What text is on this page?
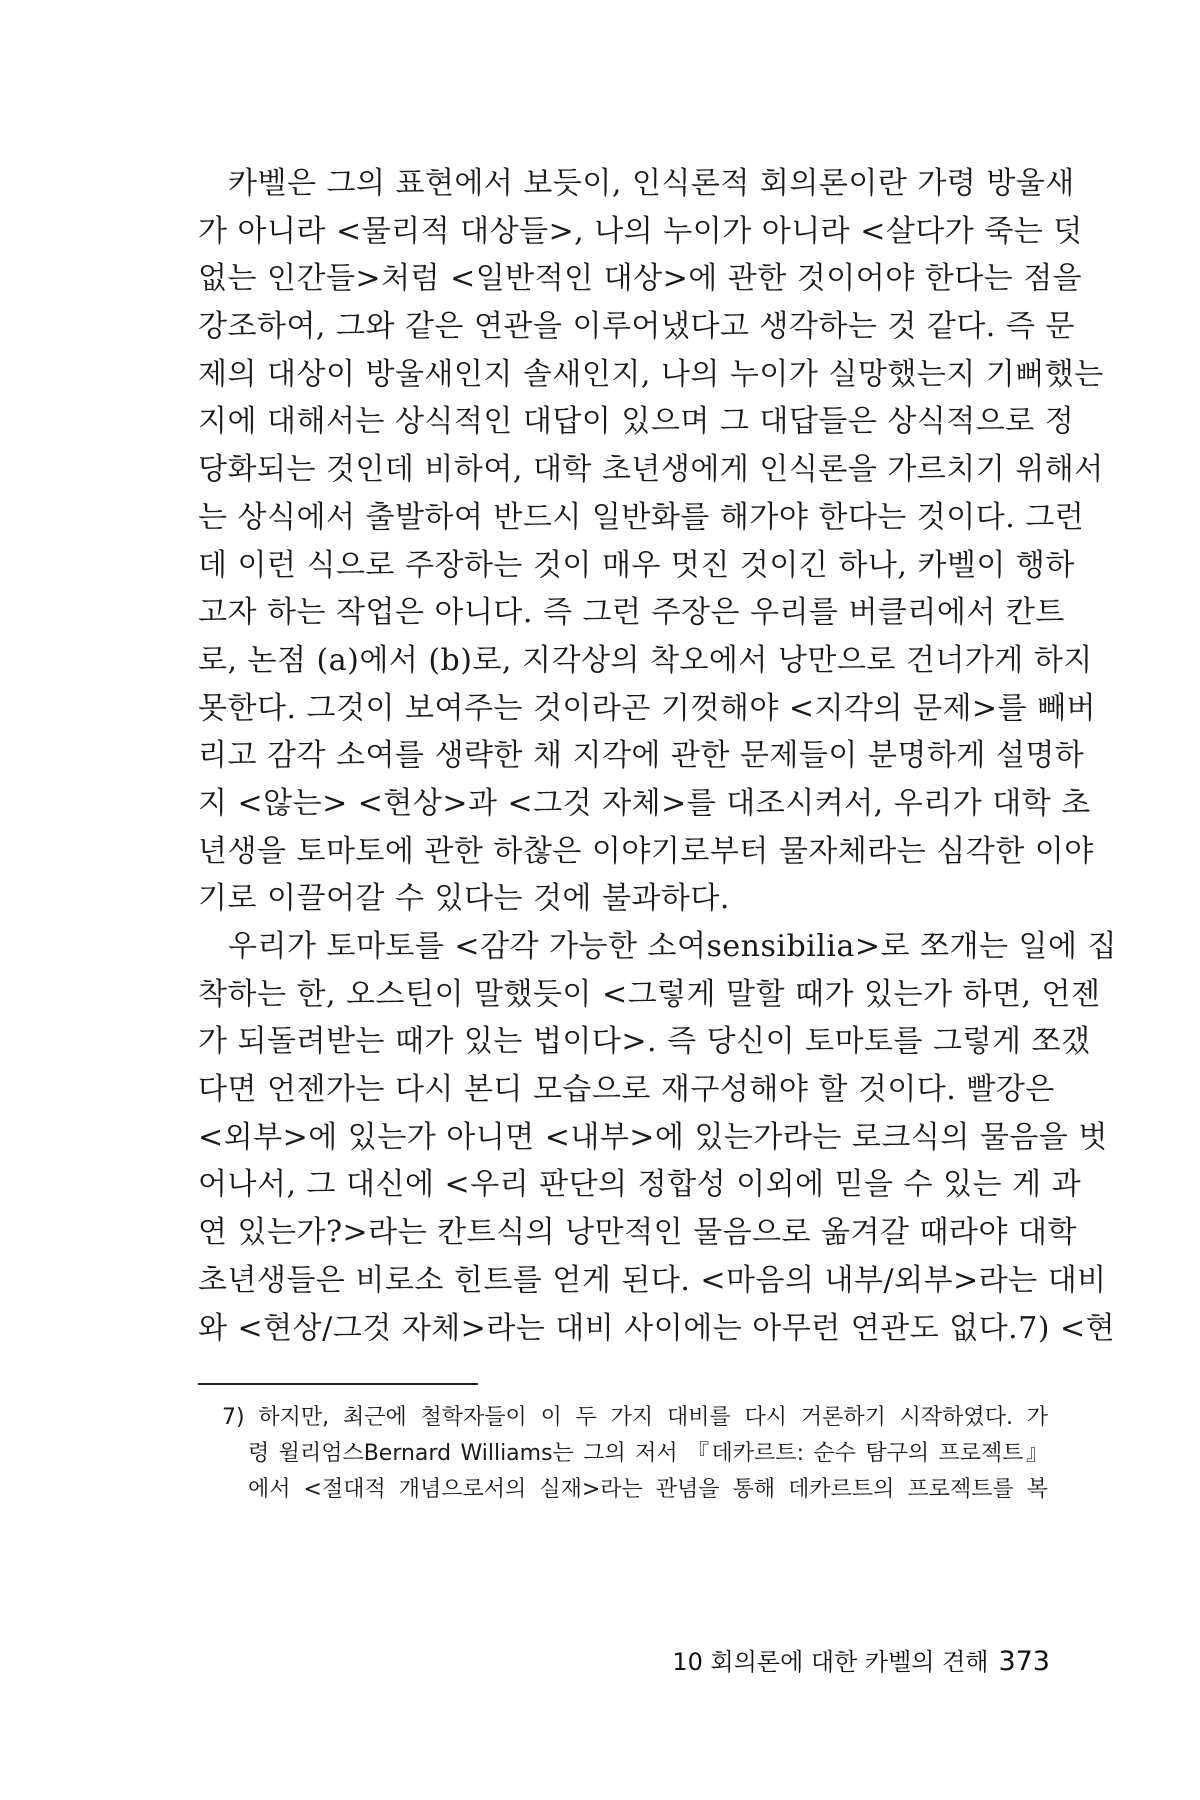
카벨은 그의 표현에서 보듯이, 인식론적 회의론이란 가령 방울새
가 아니라 <물리적 대상들>, 나의 누이가 아니라 <살다가 죽는 덧
없는 인간들>처럼 <일반적인 대상>에 관한 것이어야 한다는 점을
강조하여, 그와 같은 연관을 이루어냈다고 생각하는 것 같다. 즉 문
제의 대상이 방울새인지 솔새인지, 나의 누이가 실망했는지 기뻐했는
지에 대해서는 상식적인 대답이 있으며 그 대답들은 상식적으로 정
당화되는 것인데 비하여, 대학 초년생에게 인식론을 가르치기 위해서
는 상식에서 출발하여 반드시 일반화를 해가야 한다는 것이다. 그런
데 이런 식으로 주장하는 것이 매우 멋진 것이긴 하나, 카벨이 행하
고자 하는 작업은 아니다. 즉 그런 주장은 우리를 버클리에서 칸트
로, 논점 (a)에서 (b)로, 지각상의 착오에서 낭만으로 건너가게 하지
못한다. 그것이 보여주는 것이라곤 기껏해야 <지각의 문제>를 빼버
리고 감각 소여를 생략한 채 지각에 관한 문제들이 분명하게 설명하
지 <않는> <현상>과 <그것 자체>를 대조시켜서, 우리가 대학 초
년생을 토마토에 관한 하찮은 이야기로부터 물자체라는 심각한 이야
기로 이끌어갈 수 있다는 것에 불과하다.
우리가 토마토를 <감각 가능한 소여sensibilia>로 쪼개는 일에 집
착하는 한, 오스틴이 말했듯이 <그렇게 말할 때가 있는가 하면, 언젠
가 되돌려받는 때가 있는 법이다>. 즉 당신이 토마토를 그렇게 쪼갰
다면 언젠가는 다시 본디 모습으로 재구성해야 할 것이다. 빨강은
<외부>에 있는가 아니면 <내부>에 있는가라는 로크식의 물음을 벗
어나서, 그 대신에 <우리 판단의 정합성 이외에 믿을 수 있는 게 과
연 있는가?>라는 칸트식의 낭만적인 물음으로 옮겨갈 때라야 대학
초년생들은 비로소 힌트를 얻게 된다. <마음의 내부/외부>라는 대비
와 <현상/그것 자체>라는 대비 사이에는 아무런 연관도 없다.7) <현
7) 하지만, 최근에 철학자들이 이 두 가지 대비를 다시 거론하기 시작하였다. 가
령 윌리엄스Bernard Williams는 그의 저서 『데카르트: 순수 탐구의 프로젝트』
에서 <절대적 개념으로서의 실재>라는 관념을 통해 데카르트의 프로젝트를 복
10 회의론에 대한 카벨의 견해 373
